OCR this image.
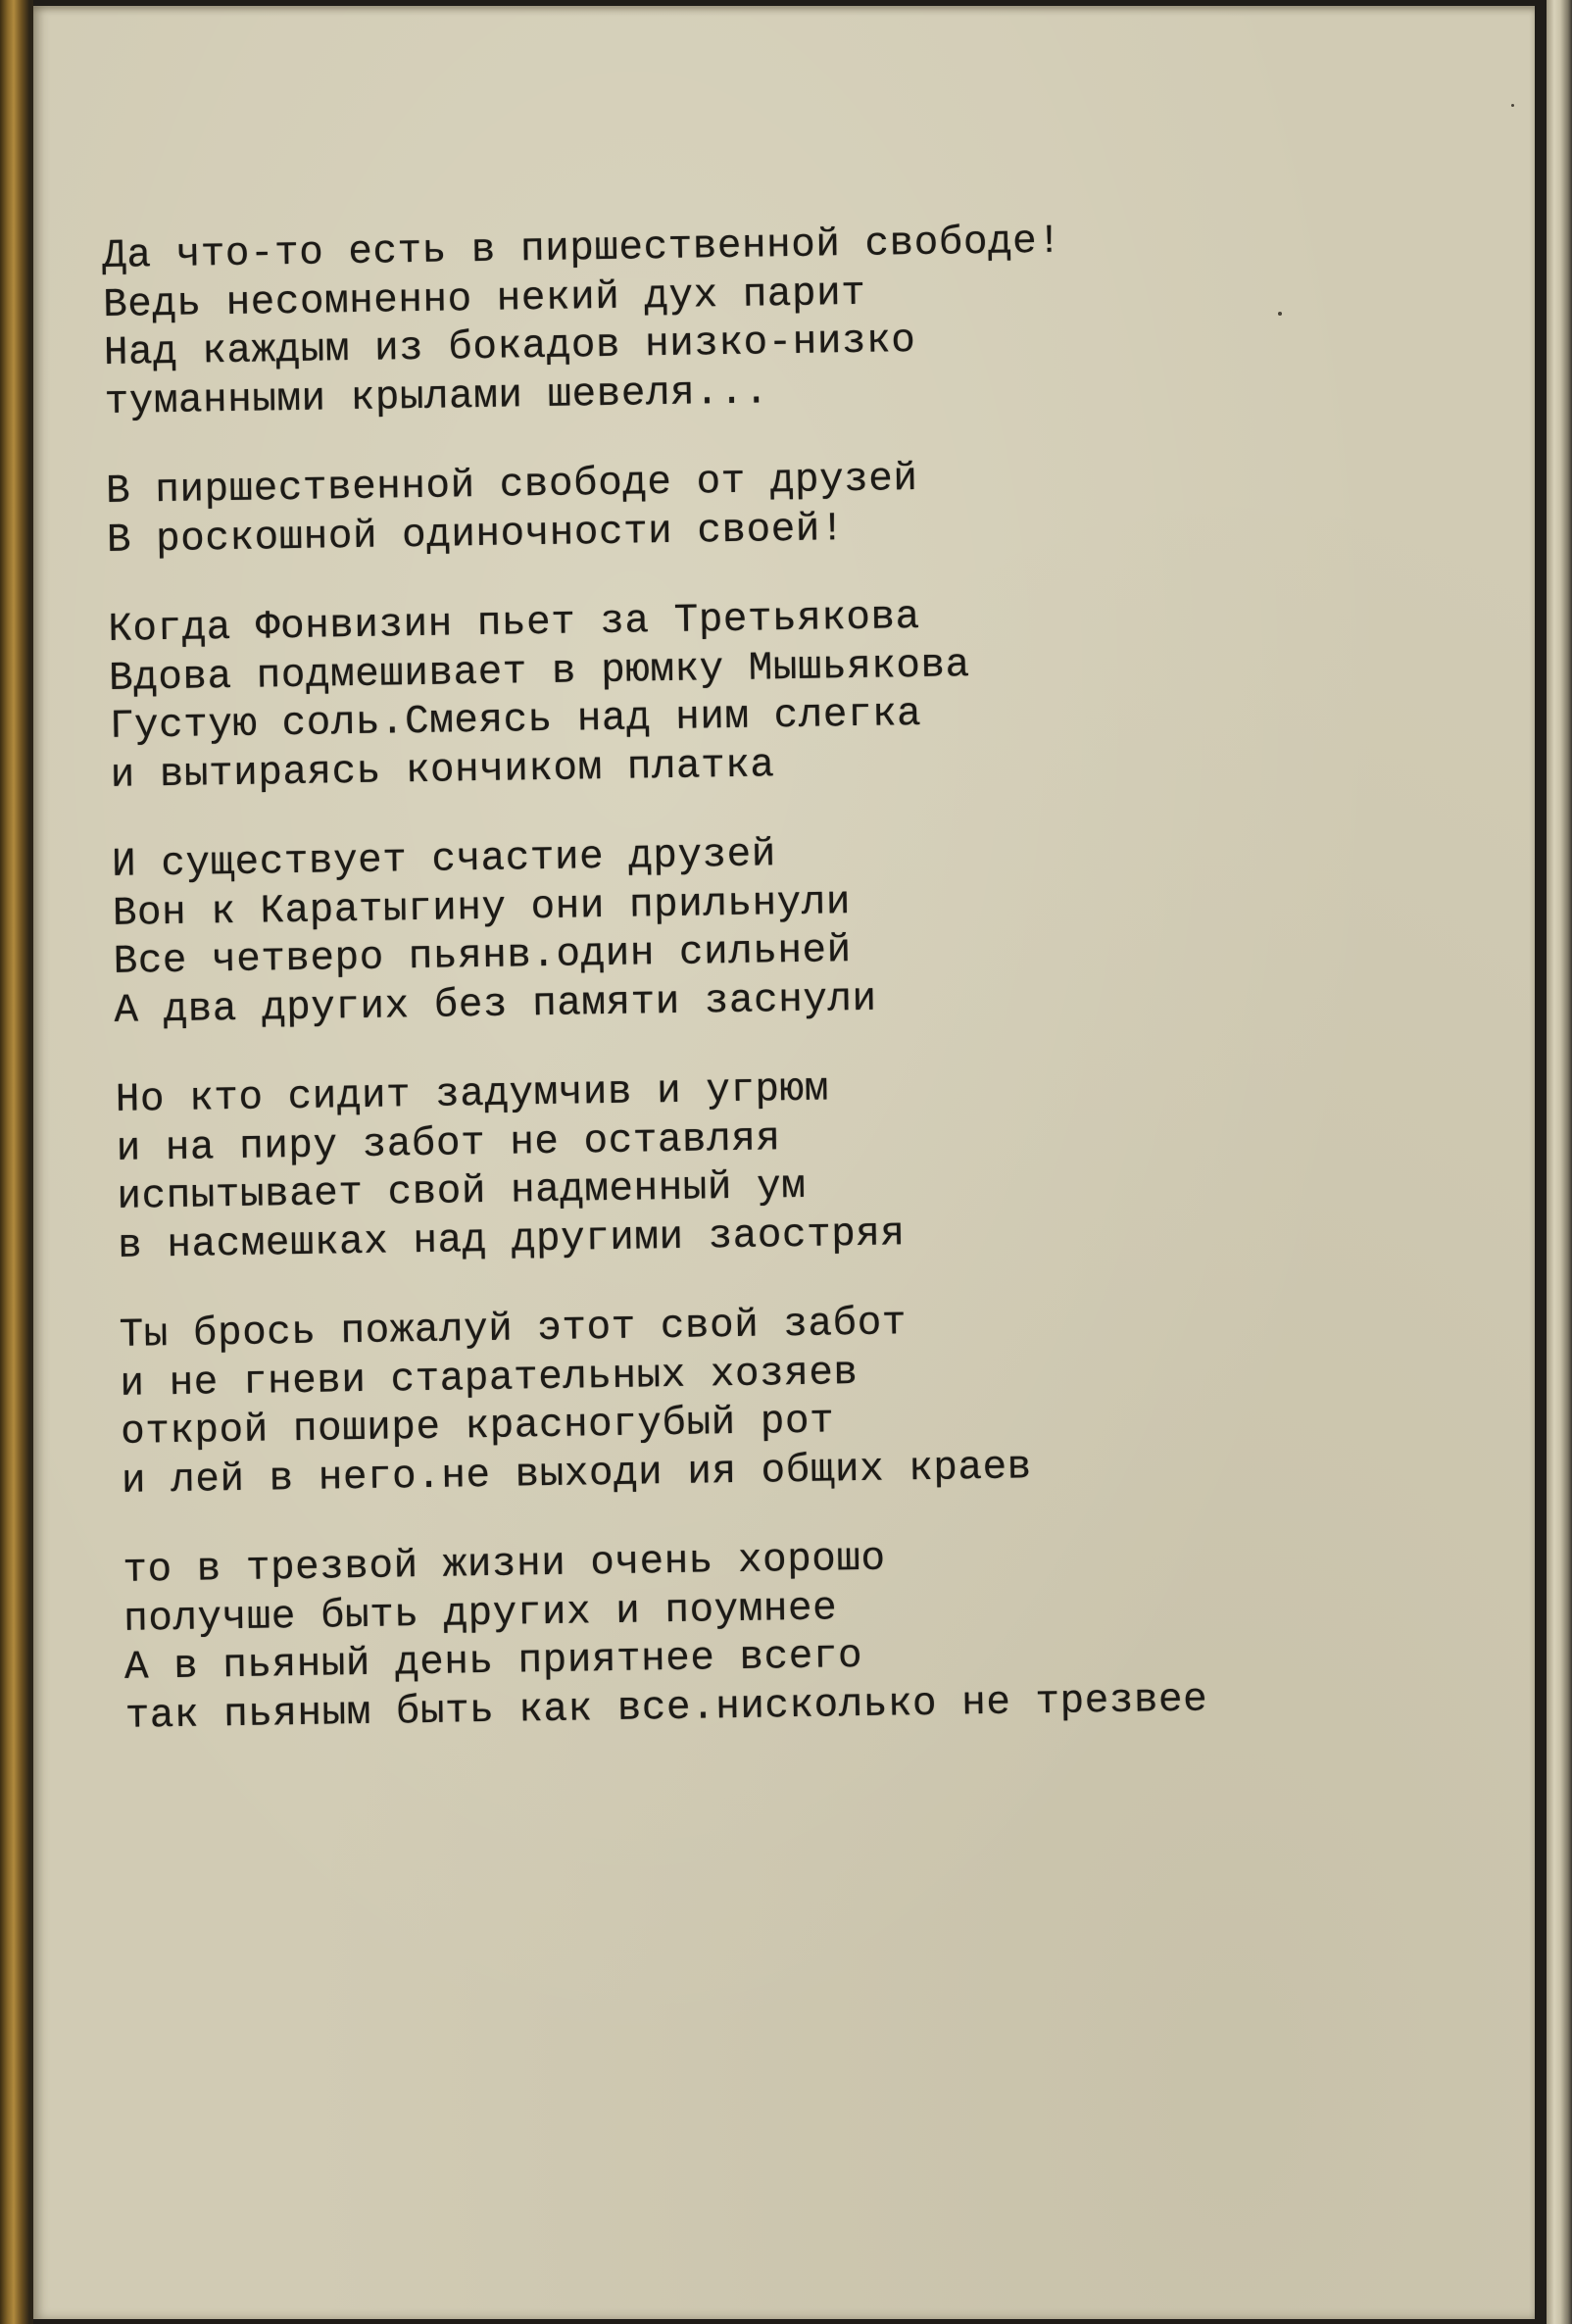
Да что-то есть в пиршественной свободе!
Ведь несомненно некий дух парит
Над каждым из бокадов низко-низко
туманными крылами шевеля...
В пиршественной свободе от друзей
В роскошной одиночности своей!
Когда Фонвизин пьет за Третьякова
Вдова подмешивает в рюмку Мышьякова
Густую соль.Смеясь над ним слегка
и вытираясь кончиком платка
И существует счастие друзей
Вон к Каратыгину они прильнули
Все четверо пьянв.один сильней
А два других без памяти заснули
Но кто сидит задумчив и угрюм
и на пиру забот не оставляя
испытывает свой надменный ум
в насмешках над другими заостряя
Ты брось пожалуй этот свой забот
и не гневи старательных хозяев
открой пошире красногубый рот
и лей в него.не выходи ия общих краев
то в трезвой жизни очень хорошо
получше быть других и поумнее
А в пьяный день приятнее всего
так пьяным быть как все.нисколько не трезвее
